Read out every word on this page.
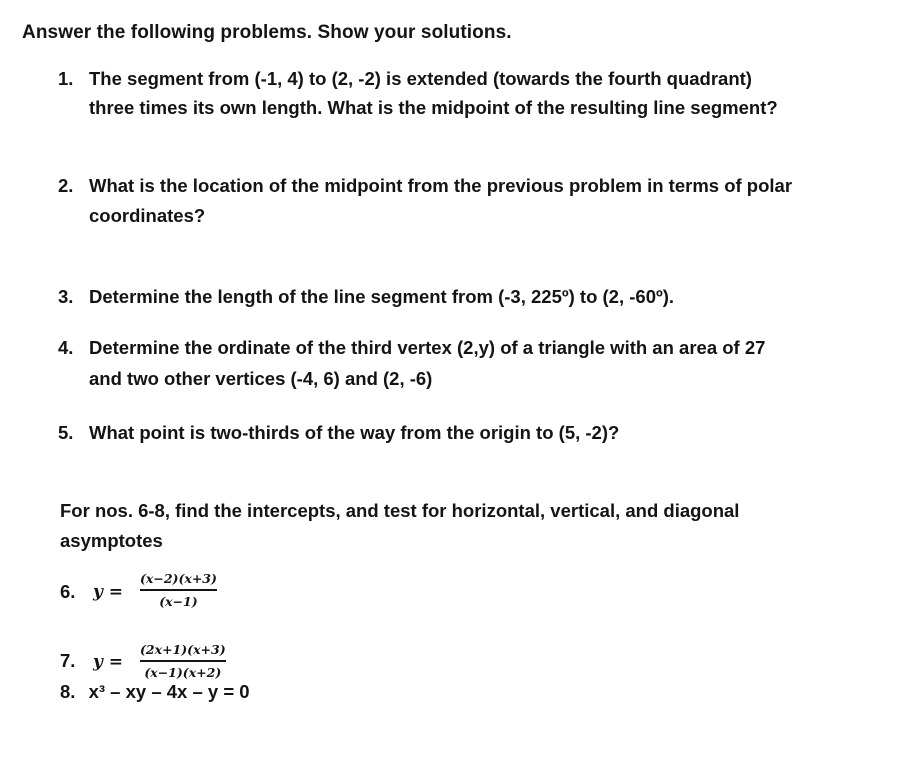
Answer the following problems. Show your solutions.
1. The segment from (-1, 4) to (2, -2) is extended (towards the fourth quadrant)
three times its own length. What is the midpoint of the resulting line segment?
2. What is the location of the midpoint from the previous problem in terms of polar
coordinates?
3. Determine the length of the line segment from (-3, 225º) to (2, -60º).
4. Determine the ordinate of the third vertex (2,y) of a triangle with an area of 27
and two other vertices (-4, 6) and (2, -6)
5. What point is two-thirds of the way from the origin to (5, -2)?
For nos. 6-8, find the intercepts, and test for horizontal, vertical, and diagonal
asymptotes
6. y =
(x−2)(x+3)
(x−1)
7. y =
(2x+1)(x+3)
(x−1)(x+2)
8. x³ – xy – 4x – y = 0
